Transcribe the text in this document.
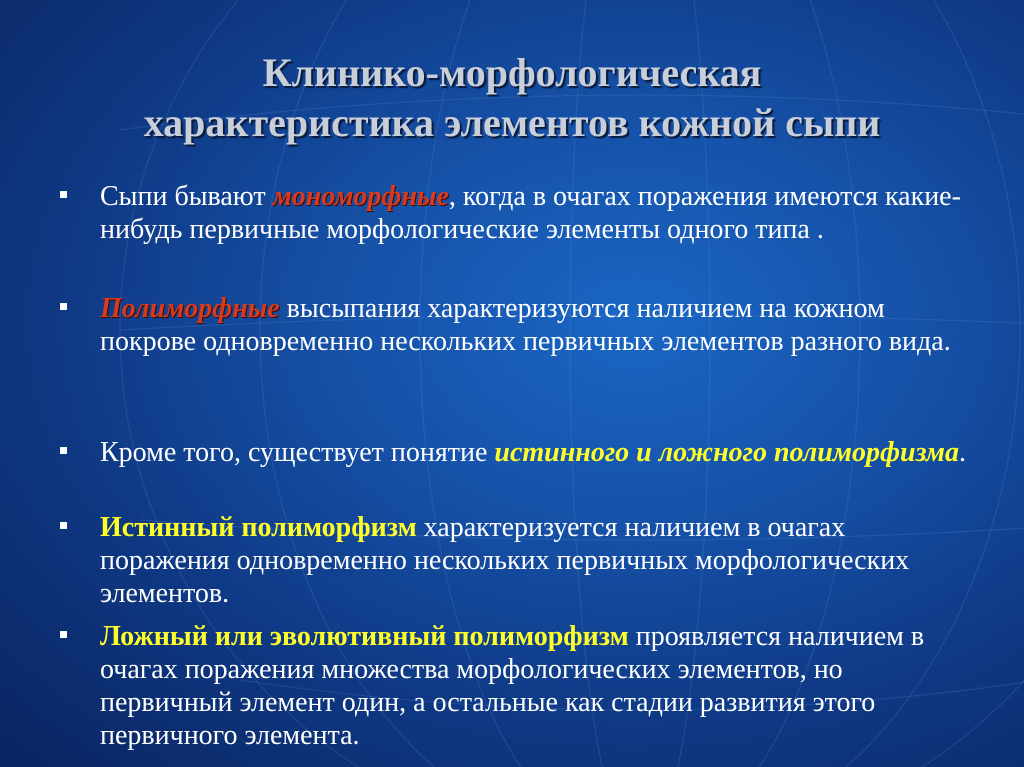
Клинико-морфологическая
характеристика элементов кожной сыпи
Сыпи бывают мономорфные, когда в очагах поражения имеются какие-нибудь первичные морфологические элементы одного типа .
Полиморфные высыпания характеризуются наличием на кожном покрове одновременно нескольких первичных элементов разного вида.
Кроме того, существует понятие истинного и ложного полиморфизма.
Истинный полиморфизм характеризуется наличием в очагах поражения одновременно нескольких первичных морфологических элементов.
Ложный или эволютивный полиморфизм проявляется наличием в очагах поражения множества морфологических элементов, но первичный элемент один, а остальные как стадии развития этого первичного элемента.
